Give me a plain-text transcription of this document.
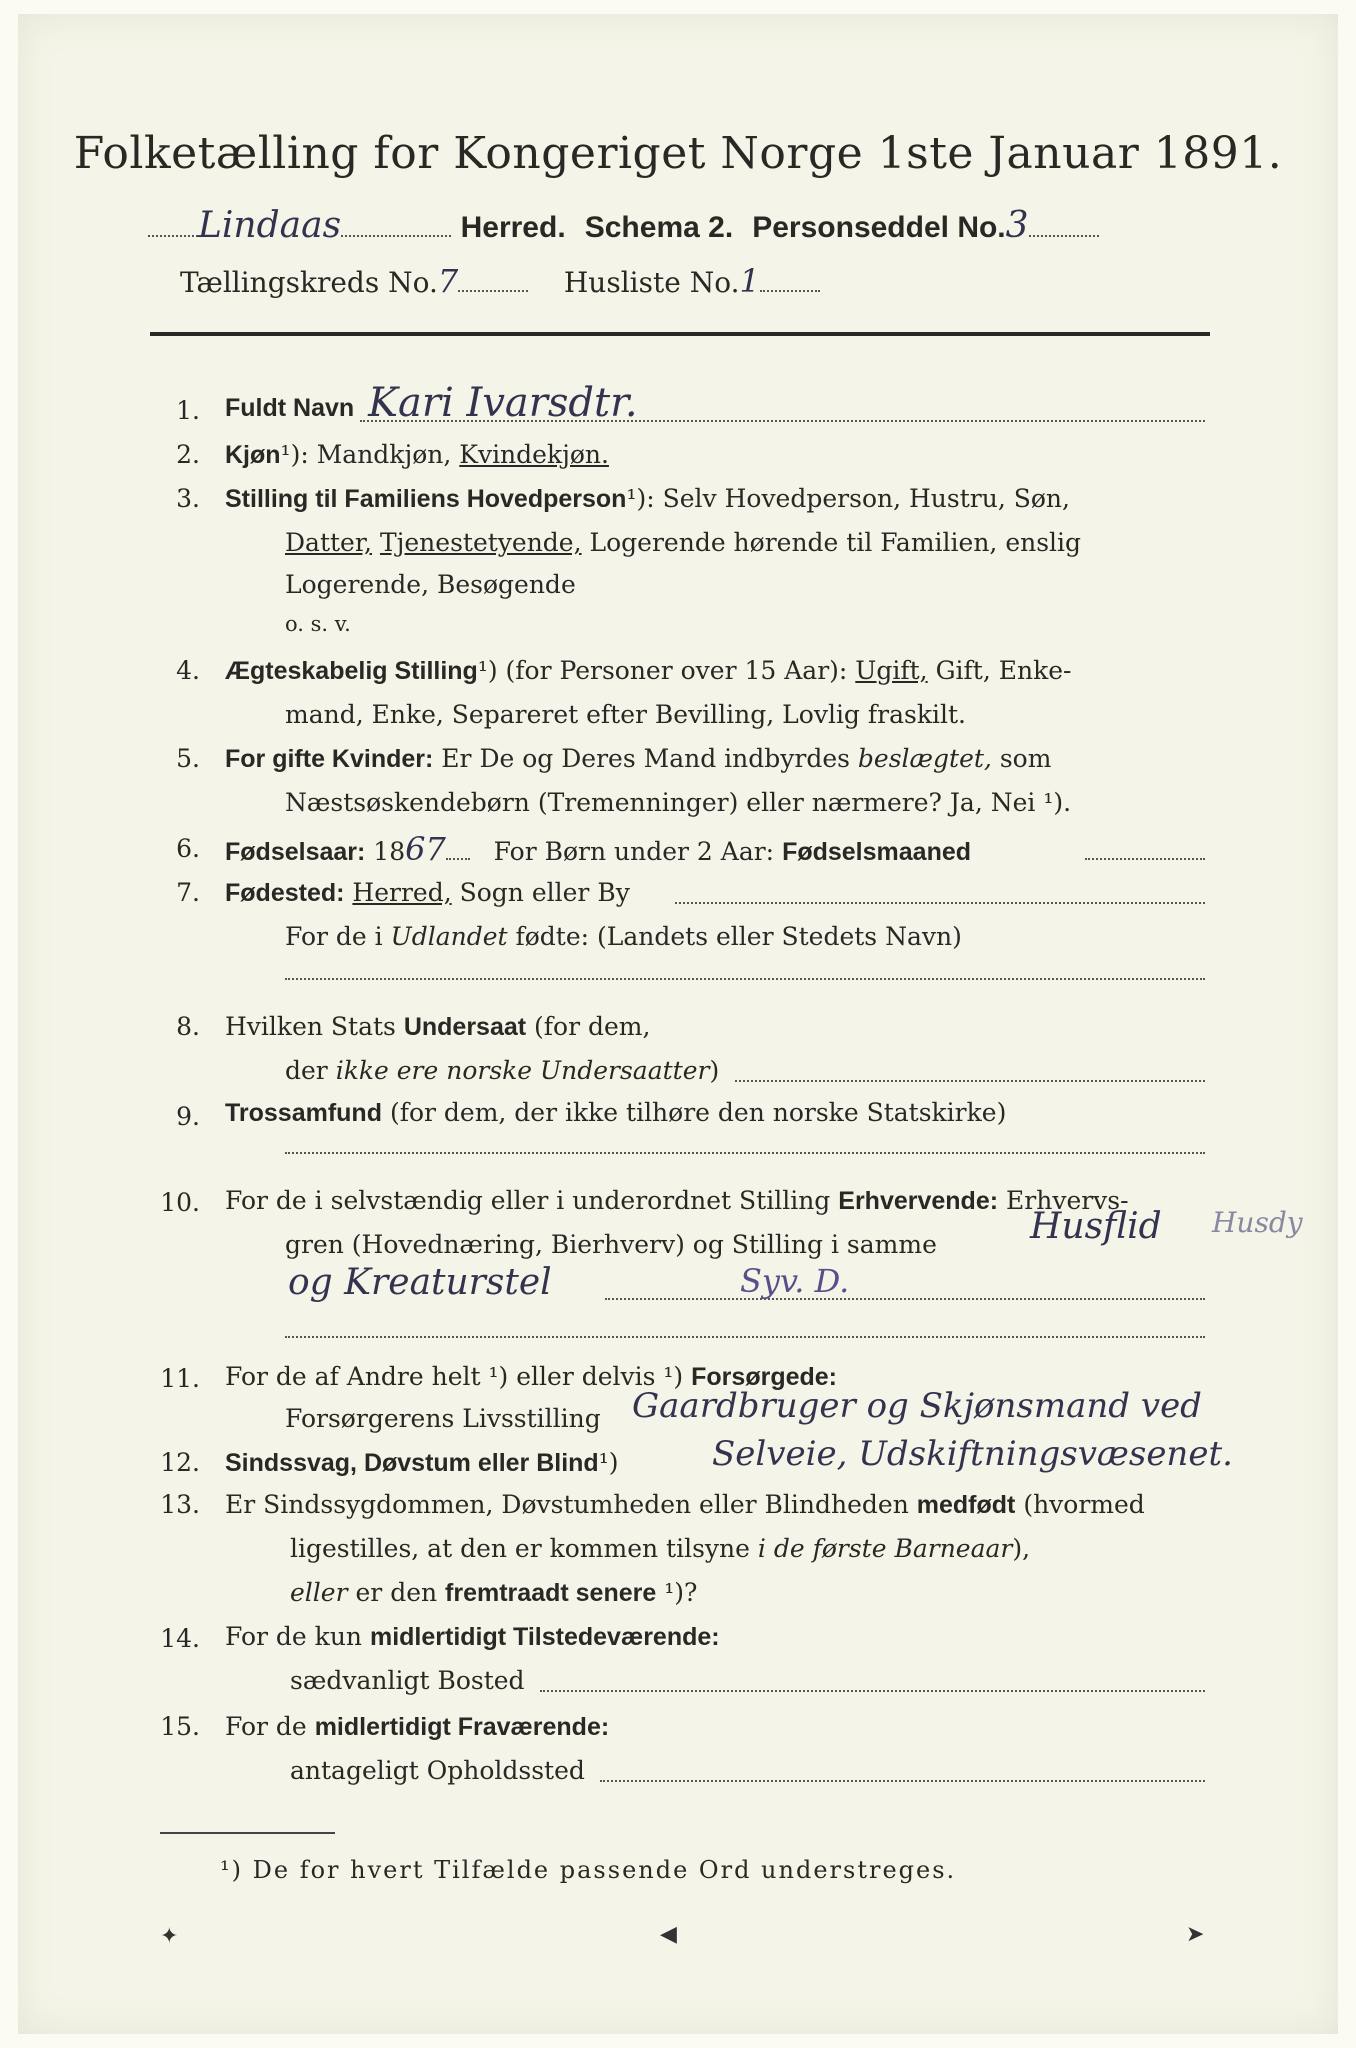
Folketælling for Kongeriget Norge 1ste Januar 1891.
Lindaas	Herred. Schema 2. Personseddel No.3
Tællingskreds No.7	Husliste No.1
1. Fuldt Navn Kari Ivarsdtr.
2. Kjøn¹): Mandkjøn, Kvindekjøn.
3. Stilling til Familiens Hovedperson¹): Selv Hovedperson, Hustru, Søn,
Datter, Tjenestetyende, Logerende hørende til Familien, enslig
Logerende, Besøgende
o. s. v.
4. Ægteskabelig Stilling¹) (for Personer over 15 Aar): Ugift, Gift, Enke-
mand, Enke, Separeret efter Bevilling, Lovlig fraskilt.
5. For gifte Kvinder: Er De og Deres Mand indbyrdes beslægtet, som
Næstsøskendebørn (Tremenninger) eller nærmere? Ja, Nei ¹).
6. Fødselsaar: 1867 For Børn under 2 Aar: Fødselsmaaned
7. Fødested: Herred, Sogn eller By
For de i Udlandet fødte: (Landets eller Stedets Navn)
8. Hvilken Stats Undersaat (for dem,
der ikke ere norske Undersaatter)
9. Trossamfund (for dem, der ikke tilhøre den norske Statskirke)
10. For de i selvstændig eller i underordnet Stilling Erhvervende: Erhvervs-
gren (Hovednæring, Bierhverv) og Stilling i samme	Husflid Husdy
og Kreaturstel	Syv. D.
11. For de af Andre helt ¹) eller delvis ¹) Forsørgede:
Forsørgerens Livsstilling Gaardbruger og Skjønsmand ved
12. Sindssvag, Døvstum eller Blind¹)	Selveie, Udskiftningsvæsenet.
13. Er Sindssygdommen, Døvstumheden eller Blindheden medfødt (hvormed
ligestilles, at den er kommen tilsyne i de første Barneaar),
eller er den fremtraadt senere ¹)?
14. For de kun midlertidigt Tilstedeværende:
sædvanligt Bosted
15. For de midlertidigt Fraværende:
antageligt Opholdssted
¹) De for hvert Tilfælde passende Ord understreges.
✦	◀	➤
